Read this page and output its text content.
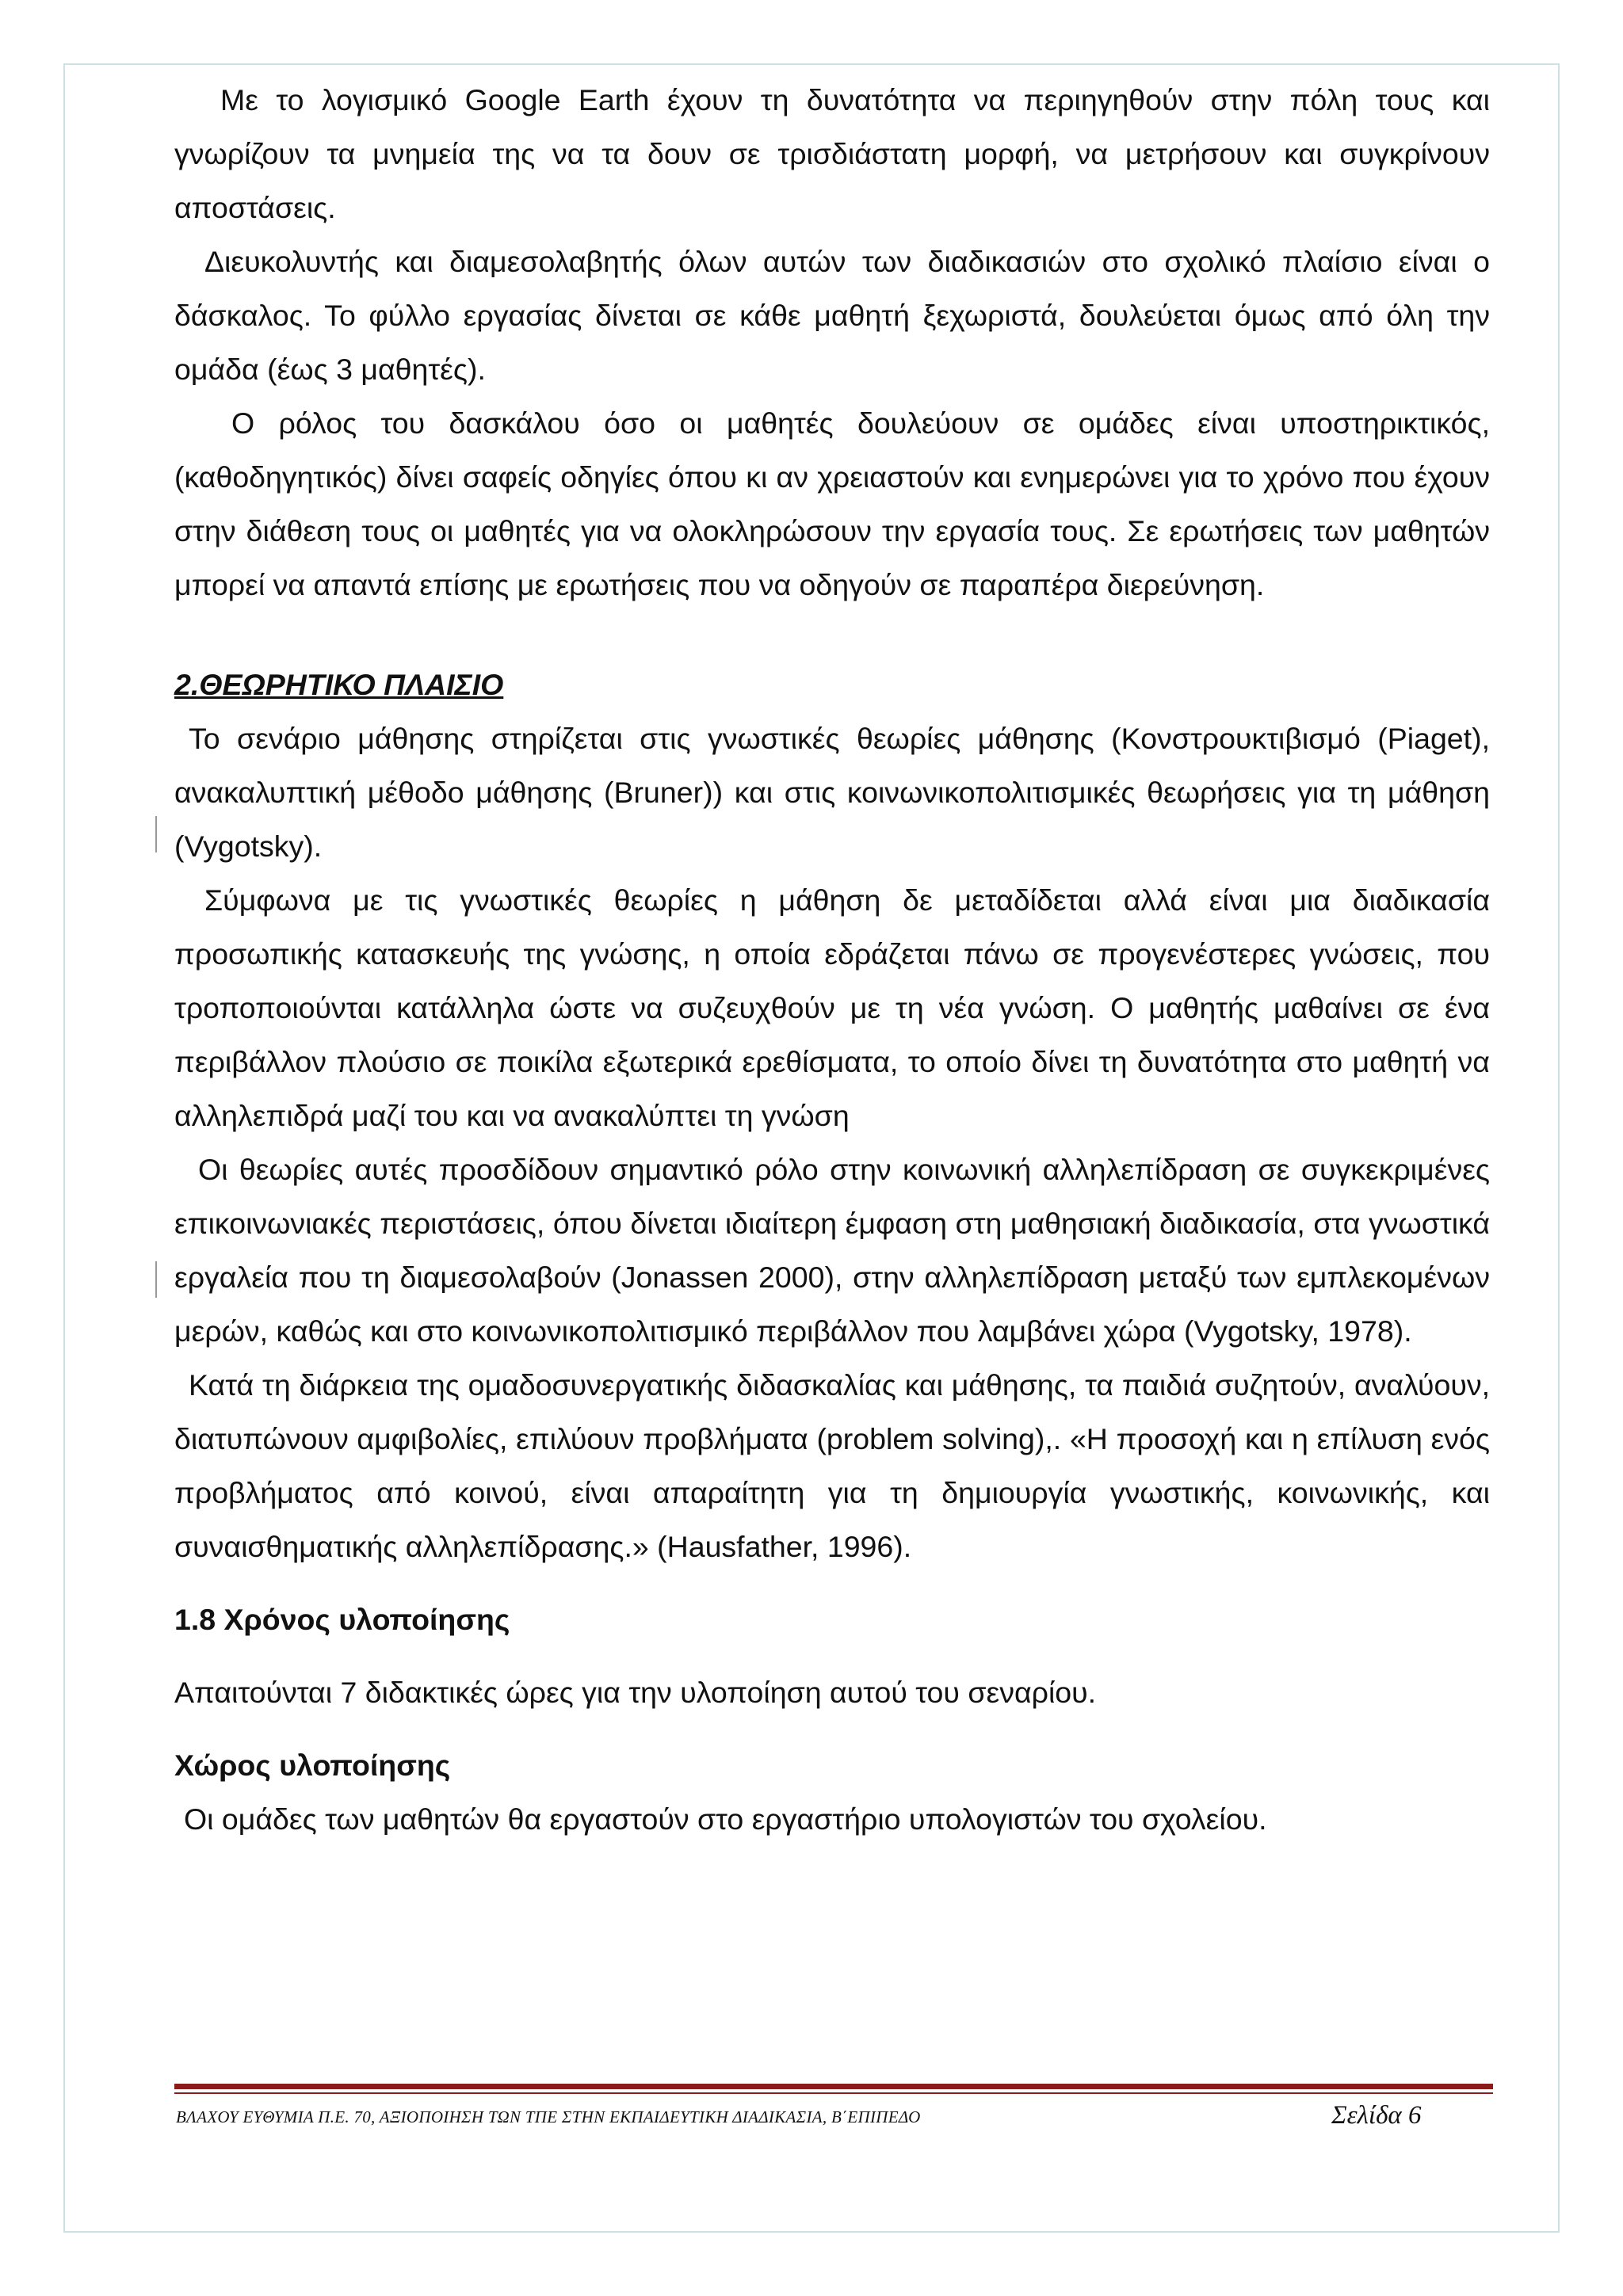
Με το λογισμικό Google Earth έχουν τη δυνατότητα να περιηγηθούν στην πόλη τους και γνωρίζουν τα μνημεία της να τα δουν σε τρισδιάστατη μορφή, να μετρήσουν και συγκρίνουν αποστάσεις.

Διευκολυντής και διαμεσολαβητής όλων αυτών των διαδικασιών στο σχολικό πλαίσιο είναι ο δάσκαλος. Το φύλλο εργασίας δίνεται σε κάθε μαθητή ξεχωριστά, δουλεύεται όμως από όλη την ομάδα (έως 3 μαθητές).

Ο ρόλος του δασκάλου όσο οι μαθητές δουλεύουν σε ομάδες είναι υποστηρικτικός, (καθοδηγητικός) δίνει σαφείς οδηγίες όπου κι αν χρειαστούν και ενημερώνει για το χρόνο που έχουν στην διάθεση τους οι μαθητές για να ολοκληρώσουν την εργασία τους. Σε ερωτήσεις των μαθητών μπορεί να απαντά επίσης με ερωτήσεις που να οδηγούν σε παραπέρα διερεύνηση.

2.ΘΕΩΡΗΤΙΚΟ ΠΛΑΙΣΙΟ

Το σενάριο μάθησης στηρίζεται στις γνωστικές θεωρίες μάθησης (Κονστρουκτιβισμό (Piaget), ανακαλυπτική μέθοδο μάθησης (Bruner)) και στις κοινωνικοπολιτισμικές θεωρήσεις για τη μάθηση (Vygotsky).

Σύμφωνα με τις γνωστικές θεωρίες η μάθηση δε μεταδίδεται αλλά είναι μια διαδικασία προσωπικής κατασκευής της γνώσης, η οποία εδράζεται πάνω σε προγενέστερες γνώσεις, που τροποποιούνται κατάλληλα ώστε να συζευχθούν με τη νέα γνώση. Ο μαθητής μαθαίνει σε ένα περιβάλλον πλούσιο σε ποικίλα εξωτερικά ερεθίσματα, το οποίο δίνει τη δυνατότητα στο μαθητή να αλληλεπιδρά μαζί του και να ανακαλύπτει τη γνώση

Οι θεωρίες αυτές προσδίδουν σημαντικό ρόλο στην κοινωνική αλληλεπίδραση σε συγκεκριμένες επικοινωνιακές περιστάσεις, όπου δίνεται ιδιαίτερη έμφαση στη μαθησιακή διαδικασία, στα γνωστικά εργαλεία που τη διαμεσολαβούν (Jonassen 2000), στην αλληλεπίδραση μεταξύ των εμπλεκομένων μερών, καθώς και στο κοινωνικοπολιτισμικό περιβάλλον που λαμβάνει χώρα (Vygotsky, 1978).

Κατά τη διάρκεια της ομαδοσυνεργατικής διδασκαλίας και μάθησης, τα παιδιά συζητούν, αναλύουν, διατυπώνουν αμφιβολίες, επιλύουν προβλήματα (problem solving),. «Η προσοχή και η επίλυση ενός προβλήματος από κοινού, είναι απαραίτητη για τη δημιουργία γνωστικής, κοινωνικής, και συναισθηματικής αλληλεπίδρασης.» (Hausfather, 1996).

1.8 Χρόνος υλοποίησης

Απαιτούνται 7 διδακτικές ώρες για την υλοποίηση αυτού του σεναρίου.

Χώρος υλοποίησης

Οι ομάδες των μαθητών θα εργαστούν στο εργαστήριο υπολογιστών του σχολείου.

ΒΛΑΧΟΥ ΕΥΘΥΜΙΑ Π.Ε. 70, ΑΞΙΟΠΟΙΗΣΗ ΤΩΝ ΤΠΕ ΣΤΗΝ ΕΚΠΑΙΔΕΥΤΙΚΗ ΔΙΑΔΙΚΑΣΙΑ, Β΄ΕΠΙΠΕΔΟ	Σελίδα 6
